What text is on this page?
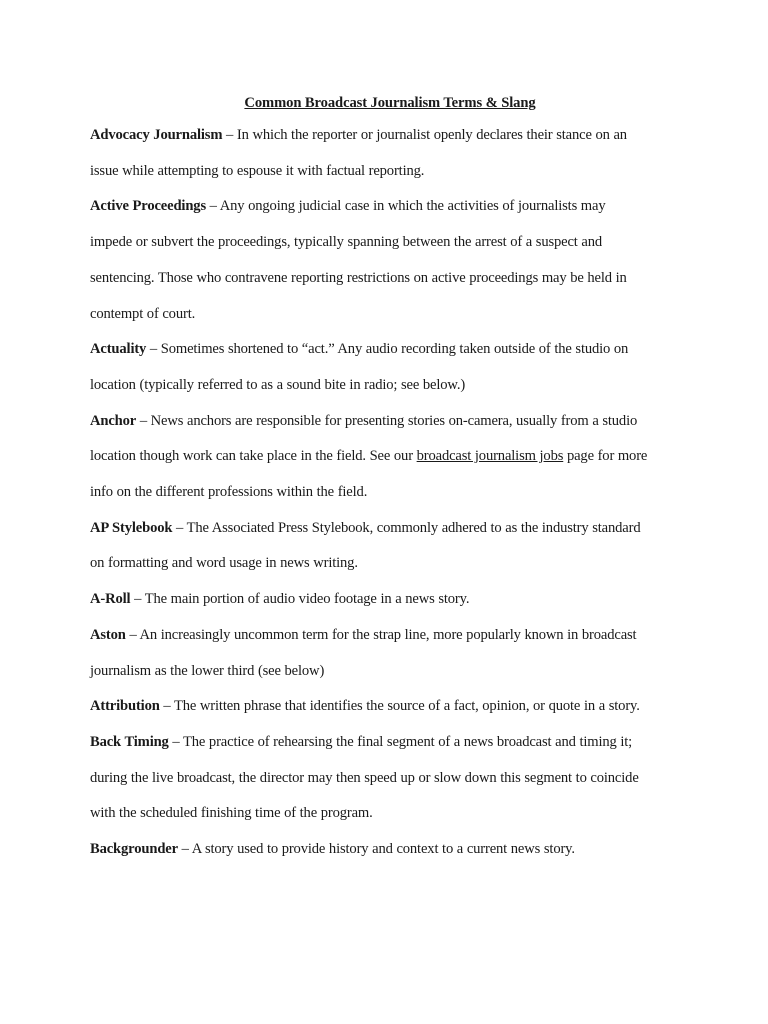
Common Broadcast Journalism Terms & Slang

Advocacy Journalism – In which the reporter or journalist openly declares their stance on an
issue while attempting to espouse it with factual reporting.

Active Proceedings – Any ongoing judicial case in which the activities of journalists may
impede or subvert the proceedings, typically spanning between the arrest of a suspect and
sentencing. Those who contravene reporting restrictions on active proceedings may be held in
contempt of court.

Actuality – Sometimes shortened to “act.” Any audio recording taken outside of the studio on
location (typically referred to as a sound bite in radio; see below.)

Anchor – News anchors are responsible for presenting stories on-camera, usually from a studio
location though work can take place in the field. See our broadcast journalism jobs page for more
info on the different professions within the field.

AP Stylebook – The Associated Press Stylebook, commonly adhered to as the industry standard
on formatting and word usage in news writing.

A-Roll – The main portion of audio video footage in a news story.

Aston – An increasingly uncommon term for the strap line, more popularly known in broadcast
journalism as the lower third (see below)

Attribution – The written phrase that identifies the source of a fact, opinion, or quote in a story.

Back Timing – The practice of rehearsing the final segment of a news broadcast and timing it;
during the live broadcast, the director may then speed up or slow down this segment to coincide
with the scheduled finishing time of the program.

Backgrounder – A story used to provide history and context to a current news story.
